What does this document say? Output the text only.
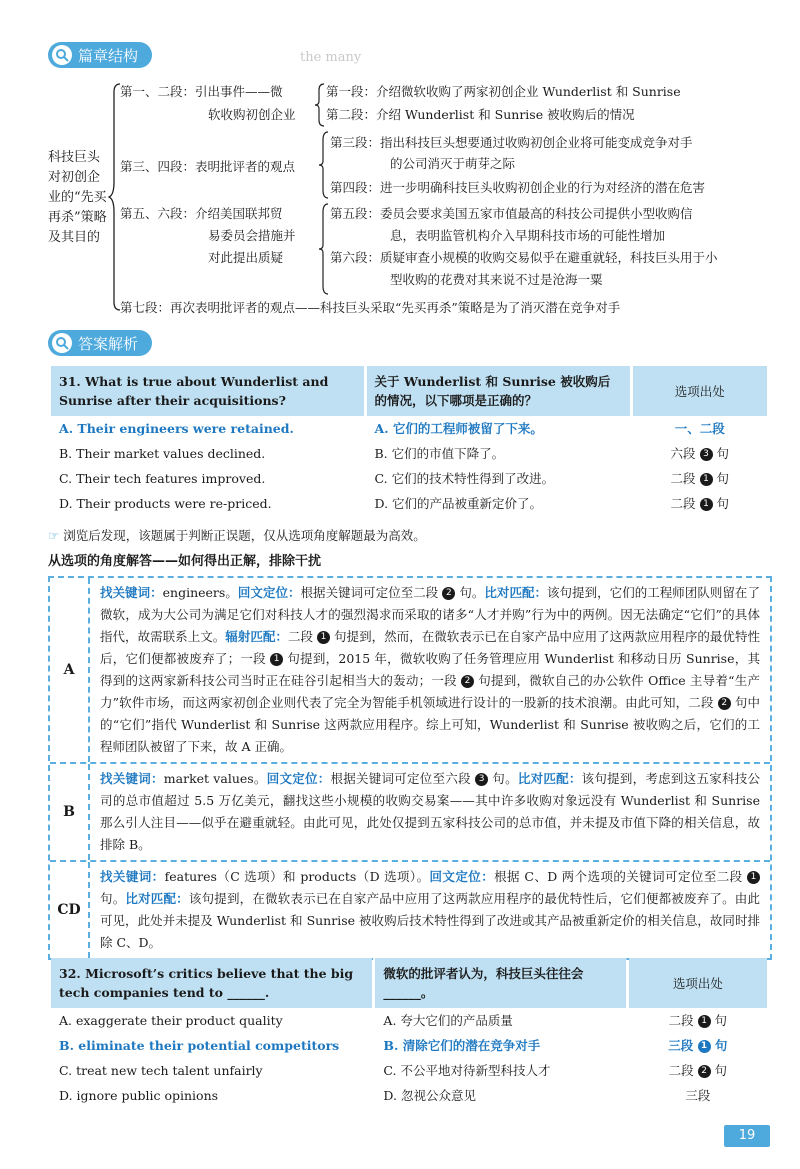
the many
篇章结构
科技巨头对初创企业的“先买再杀”策略及其目的
第一、二段：引出事件——微
软收购初创企业
第一段：介绍微软收购了两家初创企业 Wunderlist 和 Sunrise
第二段：介绍 Wunderlist 和 Sunrise 被收购后的情况
第三、四段：表明批评者的观点
第三段：指出科技巨头想要通过收购初创企业将可能变成竞争对手
的公司消灭于萌芽之际
第四段：进一步明确科技巨头收购初创企业的行为对经济的潜在危害
第五、六段：介绍美国联邦贸
易委员会措施并
对此提出质疑
第五段：委员会要求美国五家市值最高的科技公司提供小型收购信
息，表明监管机构介入早期科技市场的可能性增加
第六段：质疑审查小规模的收购交易似乎在避重就轻，科技巨头用于小
型收购的花费对其来说不过是沧海一粟
第七段：再次表明批评者的观点——科技巨头采取“先买再杀”策略是为了消灭潜在竞争对手
答案解析
31. What is true about Wunderlist and Sunrise after their acquisitions?	关于 Wunderlist 和 Sunrise 被收购后的情况，以下哪项是正确的？	选项出处
A. Their engineers were retained.	A. 它们的工程师被留了下来。	一、二段
B. Their market values declined.	B. 它们的市值下降了。	六段 3 句
C. Their tech features improved.	C. 它们的技术特性得到了改进。	二段 1 句
D. Their products were re-priced.	D. 它们的产品被重新定价了。	二段 1 句
☞ 浏览后发现，该题属于判断正误题，仅从选项角度解题最为高效。
从选项的角度解答——如何得出正解，排除干扰
A
找关键词：engineers。回文定位：根据关键词可定位至二段 2 句。比对匹配：该句提到，它们的工程师团队则留在了微软，成为大公司为满足它们对科技人才的强烈渴求而采取的诸多“人才并购”行为中的两例。因无法确定“它们”的具体指代，故需联系上文。辐射匹配：二段 1 句提到，然而，在微软表示已在自家产品中应用了这两款应用程序的最优特性后，它们便都被废弃了；一段 1 句提到，2015 年，微软收购了任务管理应用 Wunderlist 和移动日历 Sunrise，其得到的这两家新科技公司当时正在硅谷引起相当大的轰动；一段 2 句提到，微软自己的办公软件 Office 主导着“生产力”软件市场，而这两家初创企业则代表了完全为智能手机领域进行设计的一股新的技术浪潮。由此可知，二段 2 句中的“它们”指代 Wunderlist 和 Sunrise 这两款应用程序。综上可知，Wunderlist 和 Sunrise 被收购之后，它们的工程师团队被留了下来，故 A 正确。
B
找关键词：market values。回文定位：根据关键词可定位至六段 3 句。比对匹配：该句提到，考虑到这五家科技公司的总市值超过 5.5 万亿美元，翻找这些小规模的收购交易案——其中许多收购对象远没有 Wunderlist 和 Sunrise 那么引人注目——似乎在避重就轻。由此可见，此处仅提到五家科技公司的总市值，并未提及市值下降的相关信息，故排除 B。
CD
找关键词：features（C 选项）和 products（D 选项）。回文定位：根据 C、D 两个选项的关键词可定位至二段 1 句。比对匹配：该句提到，在微软表示已在自家产品中应用了这两款应用程序的最优特性后，它们便都被废弃了。由此可见，此处并未提及 Wunderlist 和 Sunrise 被收购后技术特性得到了改进或其产品被重新定价的相关信息，故同时排除 C、D。
32. Microsoft’s critics believe that the big tech companies tend to ______.	微软的批评者认为，科技巨头往往会______。	选项出处
A. exaggerate their product quality	A. 夸大它们的产品质量	二段 1 句
B. eliminate their potential competitors	B. 清除它们的潜在竞争对手	三段 1 句
C. treat new tech talent unfairly	C. 不公平地对待新型科技人才	二段 2 句
D. ignore public opinions	D. 忽视公众意见	三段
19
